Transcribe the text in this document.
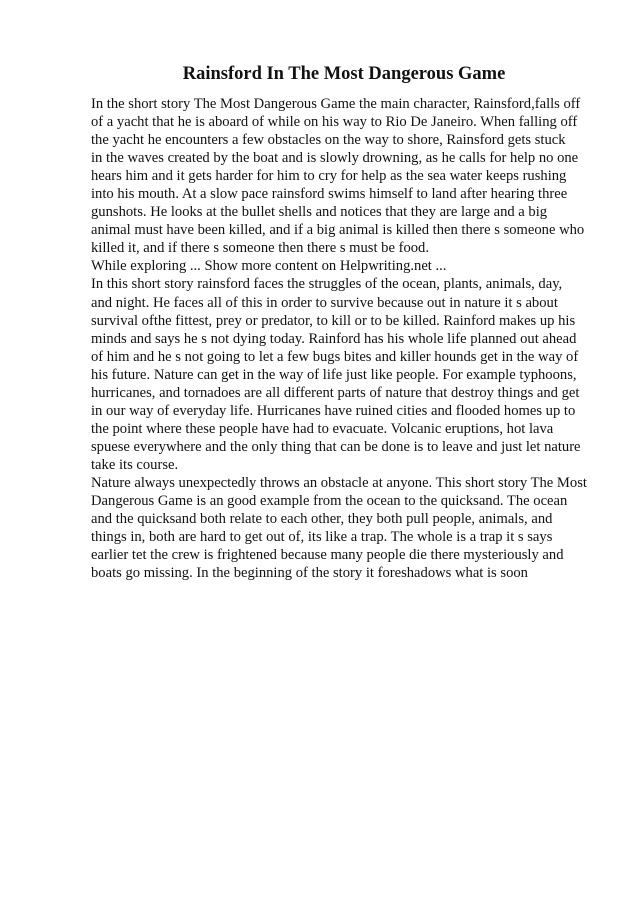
Rainsford In The Most Dangerous Game
In the short story The Most Dangerous Game the main character, Rainsford,falls off
of a yacht that he is aboard of while on his way to Rio De Janeiro. When falling off
the yacht he encounters a few obstacles on the way to shore, Rainsford gets stuck
in the waves created by the boat and is slowly drowning, as he calls for help no one
hears him and it gets harder for him to cry for help as the sea water keeps rushing
into his mouth. At a slow pace rainsford swims himself to land after hearing three
gunshots. He looks at the bullet shells and notices that they are large and a big
animal must have been killed, and if a big animal is killed then there s someone who
killed it, and if there s someone then there s must be food.
While exploring ... Show more content on Helpwriting.net ...
In this short story rainsford faces the struggles of the ocean, plants, animals, day,
and night. He faces all of this in order to survive because out in nature it s about
survival ofthe fittest, prey or predator, to kill or to be killed. Rainford makes up his
minds and says he s not dying today. Rainford has his whole life planned out ahead
of him and he s not going to let a few bugs bites and killer hounds get in the way of
his future. Nature can get in the way of life just like people. For example typhoons,
hurricanes, and tornadoes are all different parts of nature that destroy things and get
in our way of everyday life. Hurricanes have ruined cities and flooded homes up to
the point where these people have had to evacuate. Volcanic eruptions, hot lava
spuese everywhere and the only thing that can be done is to leave and just let nature
take its course.
Nature always unexpectedly throws an obstacle at anyone. This short story The Most
Dangerous Game is an good example from the ocean to the quicksand. The ocean
and the quicksand both relate to each other, they both pull people, animals, and
things in, both are hard to get out of, its like a trap. The whole is a trap it s says
earlier tet the crew is frightened because many people die there mysteriously and
boats go missing. In the beginning of the story it foreshadows what is soon
